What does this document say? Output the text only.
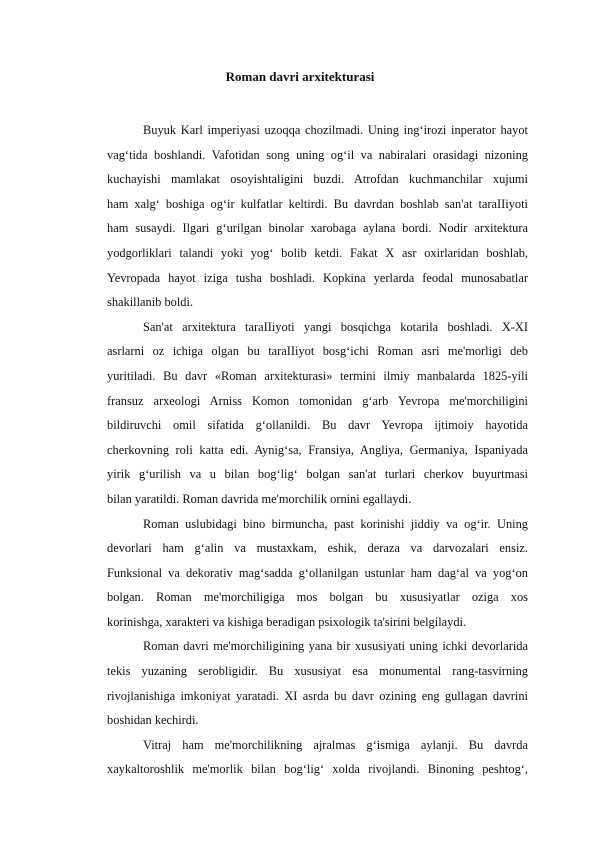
Roman davri arxitekturasi

Buyuk Karl imperiyasi uzoqqa chozilmadi. Uning ing‘irozi inperator hayot
vag‘tida boshlandi. Vafotidan song uning og‘il va nabiralari orasidagi nizoning
kuchayishi mamlakat osoyishtaligini buzdi. Atrofdan kuchmanchilar xujumi
ham xalg‘ boshiga og‘ir kulfatlar keltirdi. Bu davrdan boshlab san'at taraIIiyoti
ham susaydi. Ilgari g‘urilgan binolar xarobaga aylana bordi. Nodir arxitektura
yodgorliklari talandi yoki yog‘ bolib ketdi. Fakat X asr oxirlaridan boshlab,
Yevropada hayot iziga tusha boshladi. Kopkina yerlarda feodal munosabatlar
shakillanib boldi.

San'at arxitektura taraIIiyoti yangi bosqichga kotarila boshladi. X-XI
asrlarni oz ichiga olgan bu taraIIiyot bosg‘ichi Roman asri me'morligi deb
yuritiladi. Bu davr «Roman arxitekturasi» termini ilmiy manbalarda 1825-yili
fransuz arxeologi Arniss Komon tomonidan g‘arb Yevropa me'morchiligini
bildiruvchi omil sifatida g‘ollanildi. Bu davr Yevropa ijtimoiy hayotida
cherkovning roli katta edi. Aynig‘sa, Fransiya, Angliya, Germaniya, Ispaniyada
yirik g‘urilish va u bilan bog‘lig‘ bolgan san'at turlari cherkov buyurtmasi
bilan yaratildi. Roman davrida me'morchilik ornini egallaydi.

Roman uslubidagi bino birmuncha, past korinishi jiddiy va og‘ir. Uning
devorlari ham g‘alin va mustaxkam, eshik, deraza va darvozalari ensiz.
Funksional va dekorativ mag‘sadda g‘ollanilgan ustunlar ham dag‘al va yog‘on
bolgan. Roman me'morchiligiga mos bolgan bu xususiyatlar oziga xos
korinishga, xarakteri va kishiga beradigan psixologik ta'sirini belgilaydi.

Roman davri me'morchiligining yana bir xususiyati uning ichki devorlarida
tekis yuzaning serobligidir. Bu xususiyat esa monumental rang-tasvirning
rivojlanishiga imkoniyat yaratadi. XI asrda bu davr ozining eng gullagan davrini
boshidan kechirdi.

Vitraj ham me'morchilikning ajralmas g‘ismiga aylanji. Bu davrda
xaykaltoroshlik me'morlik bilan bog‘lig‘ xolda rivojlandi. Binoning peshtog‘,
